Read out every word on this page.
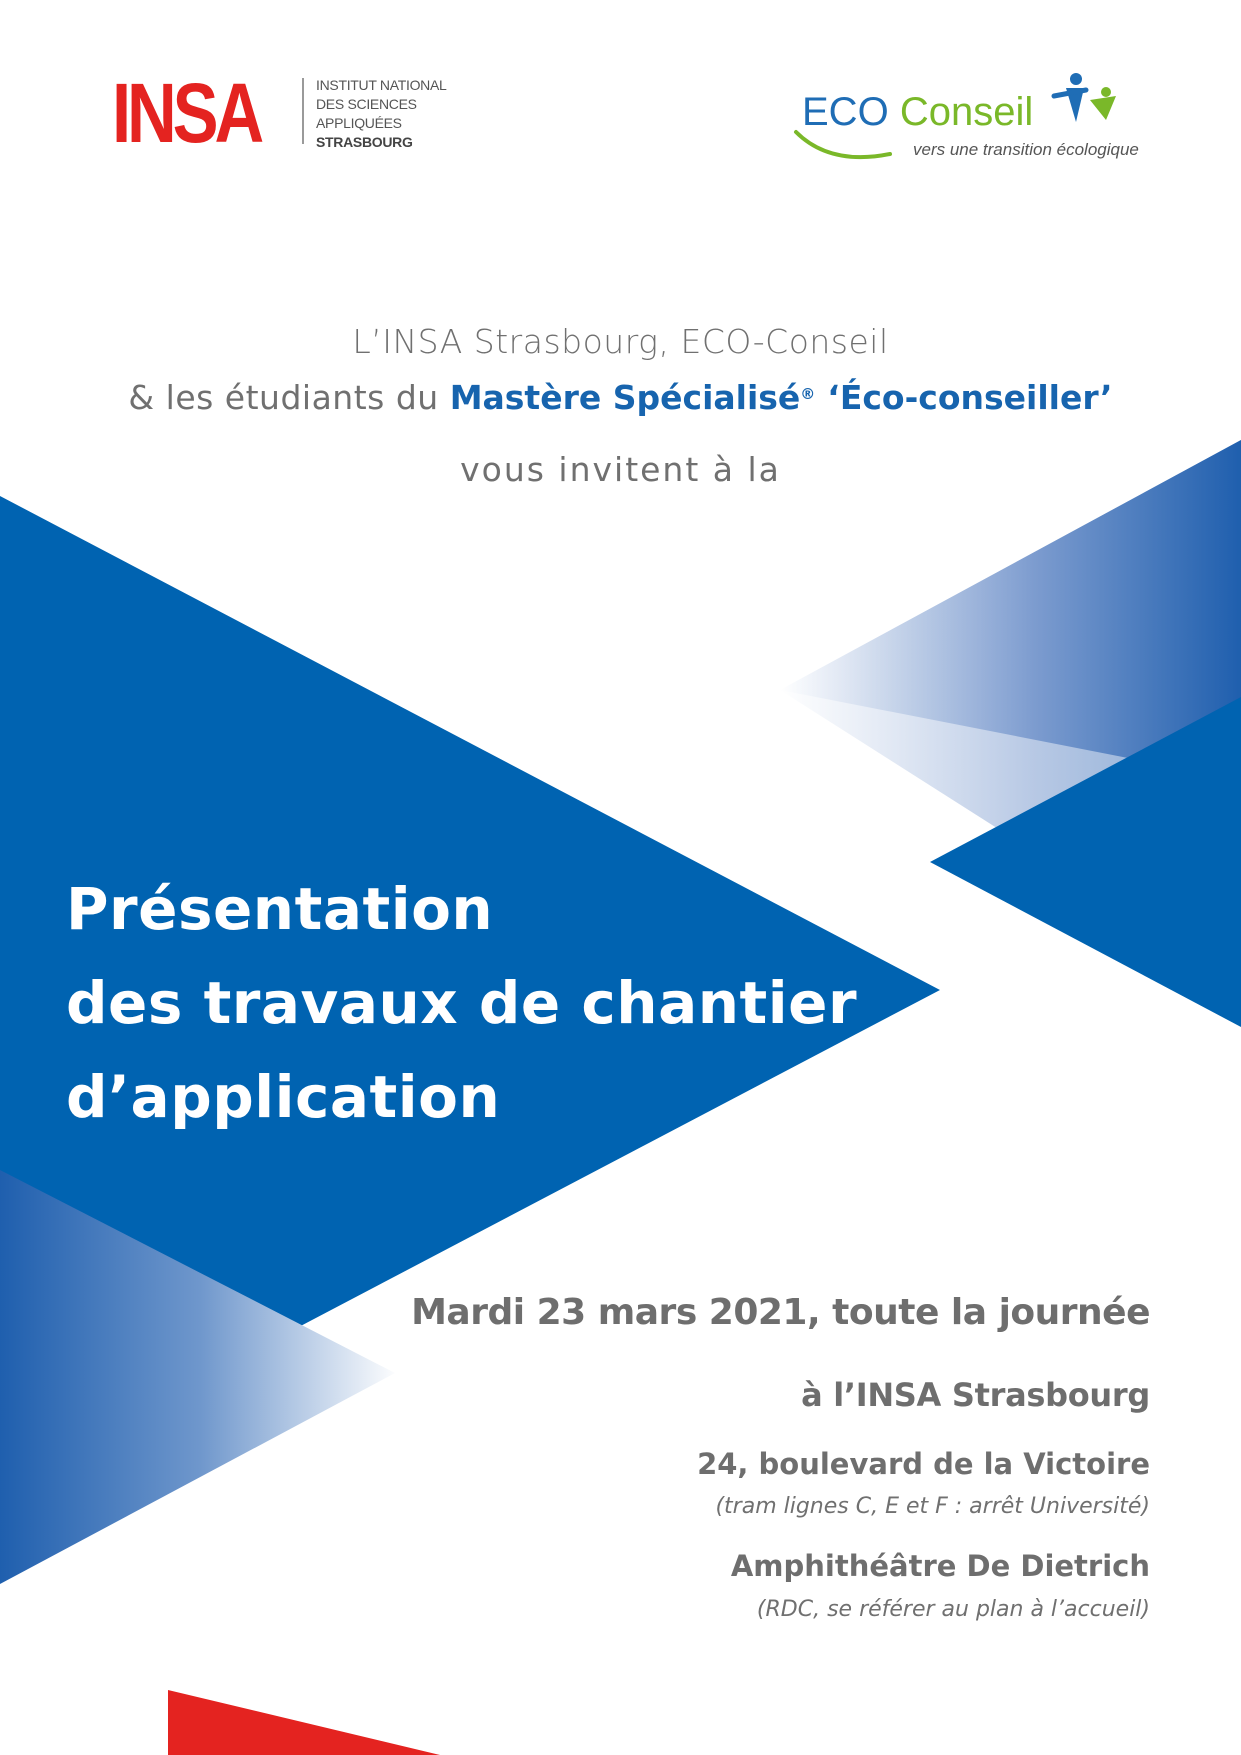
INSA	INSTITUT NATIONAL
DES SCIENCES
APPLIQUÉES
STRASBOURG
ECO Conseil
vers une transition écologique
L’INSA Strasbourg, ECO-Conseil
& les étudiants du Mastère Spécialisé® ‘Éco-conseiller’
vous invitent à la
Présentation
des travaux de chantier
d’application
Mardi 23 mars 2021, toute la journée
à l’INSA Strasbourg
24, boulevard de la Victoire
(tram lignes C, E et F : arrêt Université)
Amphithéâtre De Dietrich
(RDC, se référer au plan à l’accueil)
